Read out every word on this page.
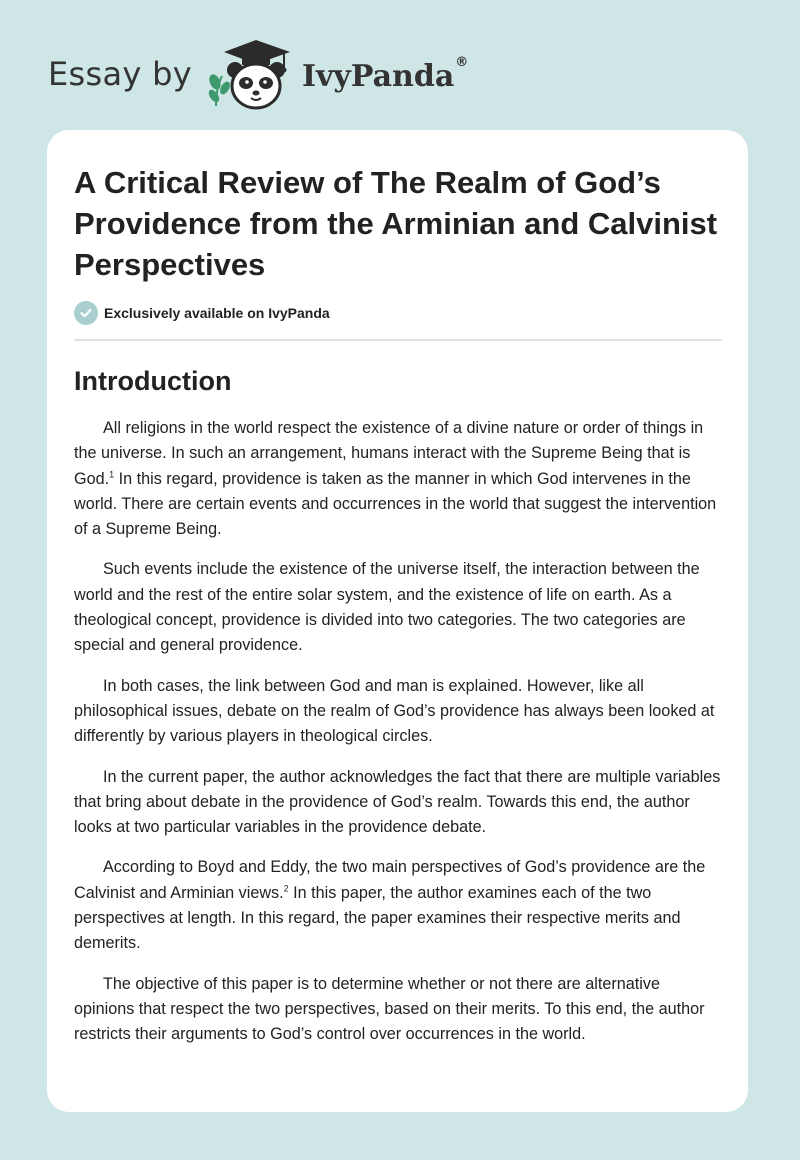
Essay by	IvyPanda®
A Critical Review of The Realm of God’s Providence from the Arminian and Calvinist Perspectives
Exclusively available on IvyPanda
Introduction

All religions in the world respect the existence of a divine nature or order of things in the universe. In such an arrangement, humans interact with the Supreme Being that is God.$^1$ In this regard, providence is taken as the manner in which God intervenes in the world. There are certain events and occurrences in the world that suggest the intervention of a Supreme Being.

Such events include the existence of the universe itself, the interaction between the world and the rest of the entire solar system, and the existence of life on earth. As a theological concept, providence is divided into two categories. The two categories are special and general providence.

In both cases, the link between God and man is explained. However, like all philosophical issues, debate on the realm of God’s providence has always been looked at differently by various players in theological circles.

In the current paper, the author acknowledges the fact that there are multiple variables that bring about debate in the providence of God’s realm. Towards this end, the author looks at two particular variables in the providence debate.

According to Boyd and Eddy, the two main perspectives of God’s providence are the Calvinist and Arminian views.$^2$ In this paper, the author examines each of the two perspectives at length. In this regard, the paper examines their respective merits and demerits.

The objective of this paper is to determine whether or not there are alternative opinions that respect the two perspectives, based on their merits. To this end, the author restricts their arguments to God’s control over occurrences in the world.
